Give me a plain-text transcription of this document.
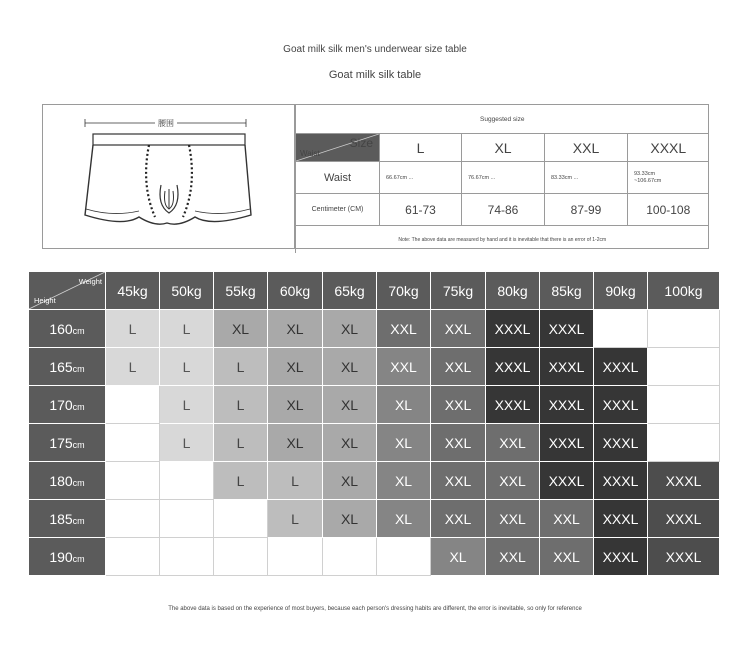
Goat milk silk men's underwear size table
Goat milk silk table
腰围	Suggested size				

Size
Waist	L	XL	XXL	XXXL
Waist	66.67cm ...	76.67cm ...	83.33cm ...	93.33cm
~106.67cm
Centimeter (CM)	61-73	74-86	87-99	100-108
Note: The above data are measured by hand and it is inevitable that there is an error of 1-2cm				
Weight
Height	45kg	50kg	55kg	60kg	65kg	70kg	75kg	80kg	85kg	90kg	100kg
160cm	L	L	XL	XL	XL	XXL	XXL	XXXL	XXXL		
165cm	L	L	L	XL	XL	XXL	XXL	XXXL	XXXL	XXXL	
170cm		L	L	XL	XL	XL	XXL	XXXL	XXXL	XXXL	
175cm		L	L	XL	XL	XL	XXL	XXL	XXXL	XXXL	
180cm			L	L	XL	XL	XXL	XXL	XXXL	XXXL	XXXL
185cm				L	XL	XL	XXL	XXL	XXL	XXXL	XXXL
190cm							XL	XXL	XXL	XXXL	XXXL
The above data is based on the experience of most buyers, because each person's dressing habits are different, the error is inevitable, so only for reference
